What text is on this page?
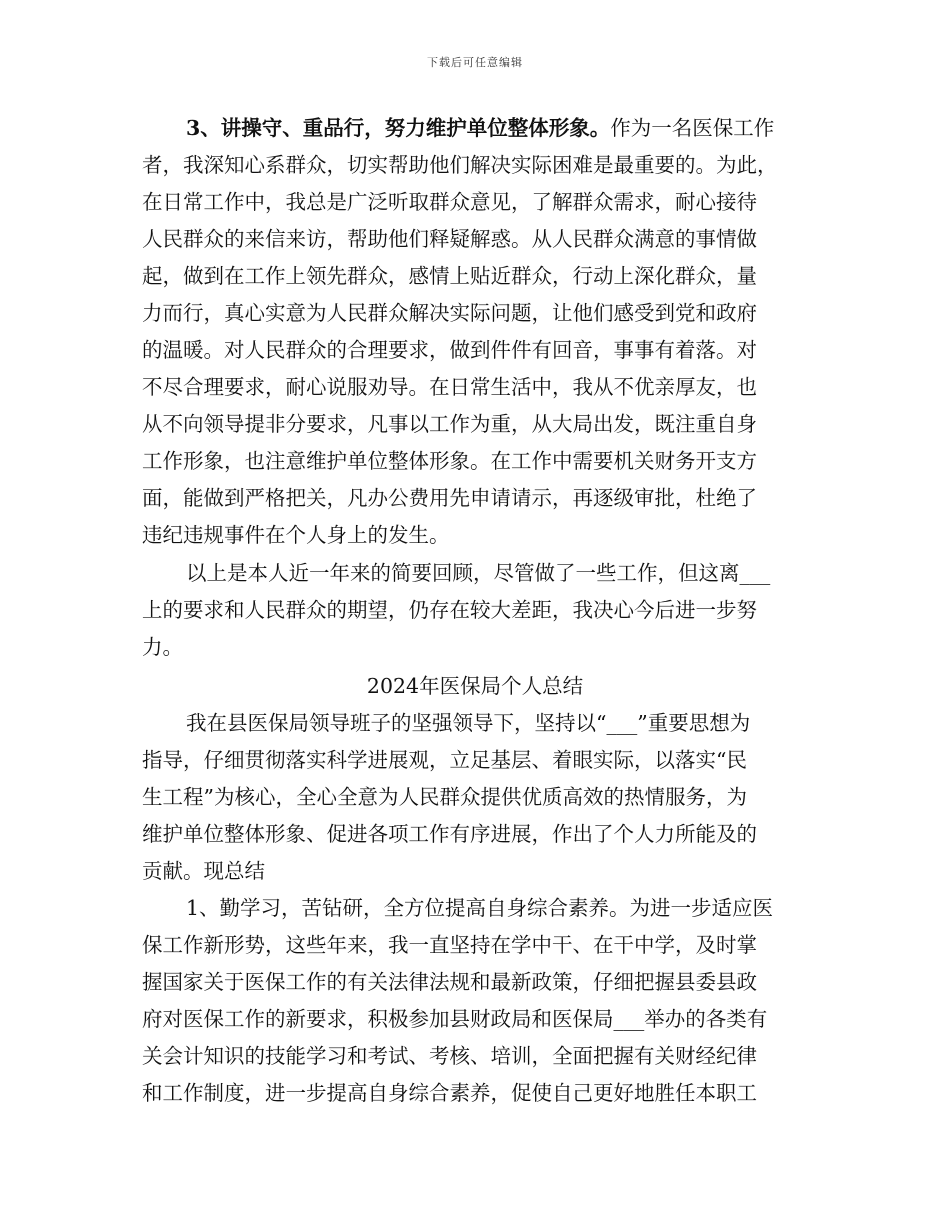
下载后可任意编辑
3、讲操守、重品行，努力维护单位整体形象。作为一名医保工作
者，我深知心系群众，切实帮助他们解决实际困难是最重要的。为此，
在日常工作中，我总是广泛听取群众意见，了解群众需求，耐心接待
人民群众的来信来访，帮助他们释疑解惑。从人民群众满意的事情做
起，做到在工作上领先群众，感情上贴近群众，行动上深化群众，量
力而行，真心实意为人民群众解决实际问题，让他们感受到党和政府
的温暖。对人民群众的合理要求，做到件件有回音，事事有着落。对
不尽合理要求，耐心说服劝导。在日常生活中，我从不优亲厚友，也
从不向领导提非分要求，凡事以工作为重，从大局出发，既注重自身
工作形象，也注意维护单位整体形象。在工作中需要机关财务开支方
面，能做到严格把关，凡办公费用先申请请示，再逐级审批，杜绝了
违纪违规事件在个人身上的发生。
以上是本人近一年来的简要回顾，尽管做了一些工作，但这离___
上的要求和人民群众的期望，仍存在较大差距，我决心今后进一步努
力。
2024年医保局个人总结
我在县医保局领导班子的坚强领导下，坚持以“___”重要思想为
指导，仔细贯彻落实科学进展观，立足基层、着眼实际，以落实“民
生工程”为核心，全心全意为人民群众提供优质高效的热情服务，为
维护单位整体形象、促进各项工作有序进展，作出了个人力所能及的
贡献。现总结
1、勤学习，苦钻研，全方位提高自身综合素养。为进一步适应医
保工作新形势，这些年来，我一直坚持在学中干、在干中学，及时掌
握国家关于医保工作的有关法律法规和最新政策，仔细把握县委县政
府对医保工作的新要求，积极参加县财政局和医保局___举办的各类有
关会计知识的技能学习和考试、考核、培训，全面把握有关财经纪律
和工作制度，进一步提高自身综合素养，促使自己更好地胜任本职工
